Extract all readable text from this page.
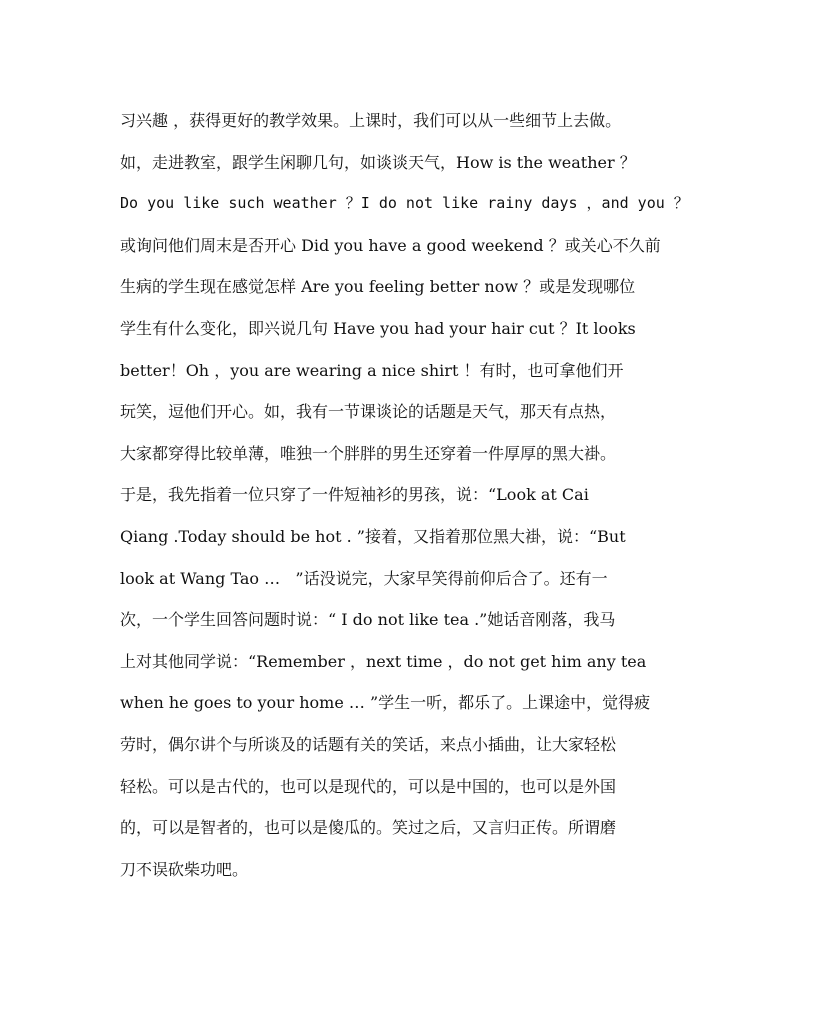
习兴趣 ，获得更好的教学效果。上课时，我们可以从一些细节上去做。
如，走进教室，跟学生闲聊几句，如谈谈天气，How is the weather ？
Do you like such weather ？I do not like rainy days ，and you ？
或询问他们周末是否开心 Did you have a good weekend ？或关心不久前
生病的学生现在感觉怎样 Are you feeling better now ？或是发现哪位
学生有什么变化，即兴说几句 Have you had your hair cut ？It looks
better！Oh ，you are wearing a nice shirt ！有时，也可拿他们开
玩笑，逗他们开心。如，我有一节课谈论的话题是天气，那天有点热，
大家都穿得比较单薄，唯独一个胖胖的男生还穿着一件厚厚的黑大褂。
于是，我先指着一位只穿了一件短袖衫的男孩，说：“Look at Cai
Qiang .Today should be hot . ”接着，又指着那位黑大褂，说：“But
look at Wang Tao …   ”话没说完，大家早笑得前仰后合了。还有一
次，一个学生回答问题时说：“ I do not like tea .”她话音刚落，我马
上对其他同学说：“Remember ，next time ，do not get him any tea
when he goes to your home … ”学生一听，都乐了。上课途中，觉得疲
劳时，偶尔讲个与所谈及的话题有关的笑话，来点小插曲，让大家轻松
轻松。可以是古代的，也可以是现代的，可以是中国的，也可以是外国
的，可以是智者的，也可以是傻瓜的。笑过之后，又言归正传。所谓磨
刀不误砍柴功吧。
